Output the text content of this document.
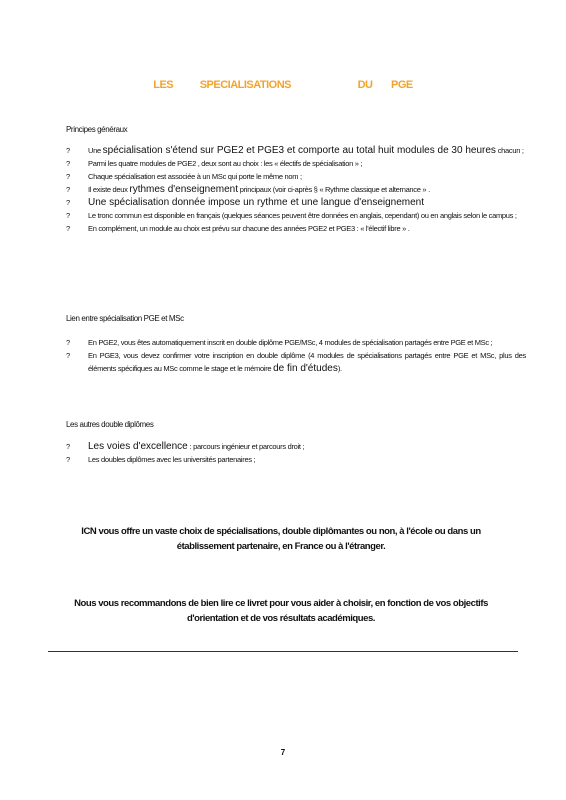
LES SPECIALISATIONS	DU PGE
Principes généraux
? Une spécialisation s'étend sur PGE2 et PGE3 et comporte au total huit modules de 30 heures chacun ;
? Parmi les quatre modules de PGE2 , deux sont au choix : les « électifs de spécialisation » ;
? Chaque spécialisation est associée à un MSc qui porte le même nom ;
? Il existe deux rythmes d'enseignement principaux (voir ci-après § « Rythme classique et alternance » .
? Une spécialisation donnée impose un rythme et une langue d'enseignement
? Le tronc commun est disponible en français (quelques séances peuvent être données en anglais, cependant) ou en anglais selon le campus ;
? En complément, un module au choix est prévu sur chacune des années PGE2 et PGE3 : « l'électif libre » .
Lien entre spécialisation PGE et MSc
? En PGE2, vous êtes automatiquement inscrit en double diplôme PGE/MSc, 4 modules de spécialisation partagés entre PGE et MSc ;
? En PGE3, vous devez confirmer votre inscription en double diplôme (4 modules de spécialisations partagés entre PGE et MSc, plus des éléments spécifiques au MSc comme le stage et le mémoire de fin d'études).
Les autres double diplômes
? Les voies d'excellence : parcours ingénieur et parcours droit ;
? Les doubles diplômes avec les universités partenaires ;
ICN vous offre un vaste choix de spécialisations, double diplômantes ou non, à l'école ou dans un établissement partenaire, en France ou à l'étranger.
Nous vous recommandons de bien lire ce livret pour vous aider à choisir, en fonction de vos objectifs d'orientation et de vos résultats académiques.
7
